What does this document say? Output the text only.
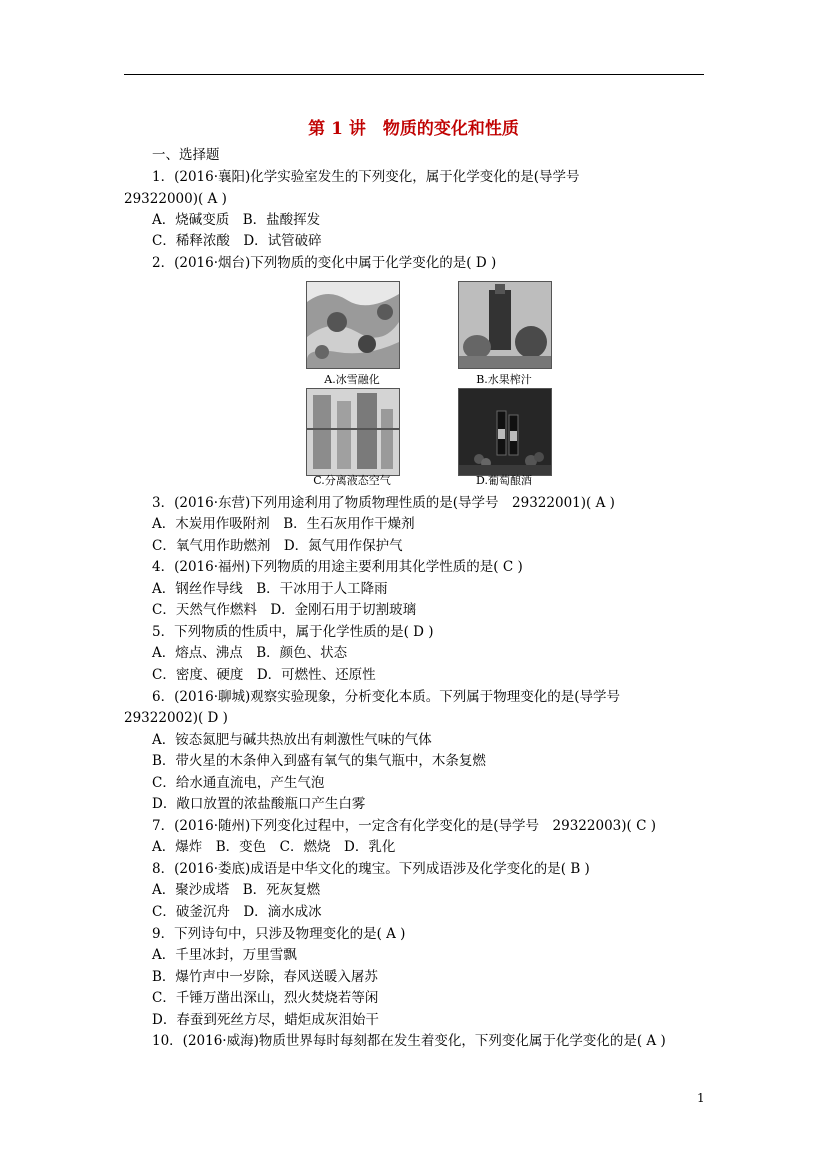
第 1 讲　物质的变化和性质
一、选择题
1．(2016·襄阳)化学实验室发生的下列变化，属于化学变化的是(导学号
29322000)( A )
A．烧碱变质　B．盐酸挥发
C．稀释浓酸　D．试管破碎
2．(2016·烟台)下列物质的变化中属于化学变化的是( D )
A.冰雪融化	B.水果榨汁
C.分离液态空气	D.葡萄酿酒
3．(2016·东营)下列用途利用了物质物理性质的是(导学号　29322001)( A )
A．木炭用作吸附剂　B．生石灰用作干燥剂
C．氧气用作助燃剂　D．氮气用作保护气
4．(2016·福州)下列物质的用途主要利用其化学性质的是( C )
A．钢丝作导线　B．干冰用于人工降雨
C．天然气作燃料　D．金刚石用于切割玻璃
5．下列物质的性质中，属于化学性质的是( D )
A．熔点、沸点　B．颜色、状态
C．密度、硬度　D．可燃性、还原性
6．(2016·聊城)观察实验现象，分析变化本质。下列属于物理变化的是(导学号
29322002)( D )
A．铵态氮肥与碱共热放出有刺激性气味的气体
B．带火星的木条伸入到盛有氧气的集气瓶中，木条复燃
C．给水通直流电，产生气泡
D．敞口放置的浓盐酸瓶口产生白雾
7．(2016·随州)下列变化过程中，一定含有化学变化的是(导学号　29322003)( C )
A．爆炸　B．变色　C．燃烧　D．乳化
8．(2016·娄底)成语是中华文化的瑰宝。下列成语涉及化学变化的是( B )
A．聚沙成塔　B．死灰复燃
C．破釜沉舟　D．滴水成冰
9．下列诗句中，只涉及物理变化的是( A )
A．千里冰封，万里雪飘
B．爆竹声中一岁除，春风送暖入屠苏
C．千锤万凿出深山，烈火焚烧若等闲
D．春蚕到死丝方尽，蜡炬成灰泪始干
10．(2016·威海)物质世界每时每刻都在发生着变化，下列变化属于化学变化的是( A )
1
